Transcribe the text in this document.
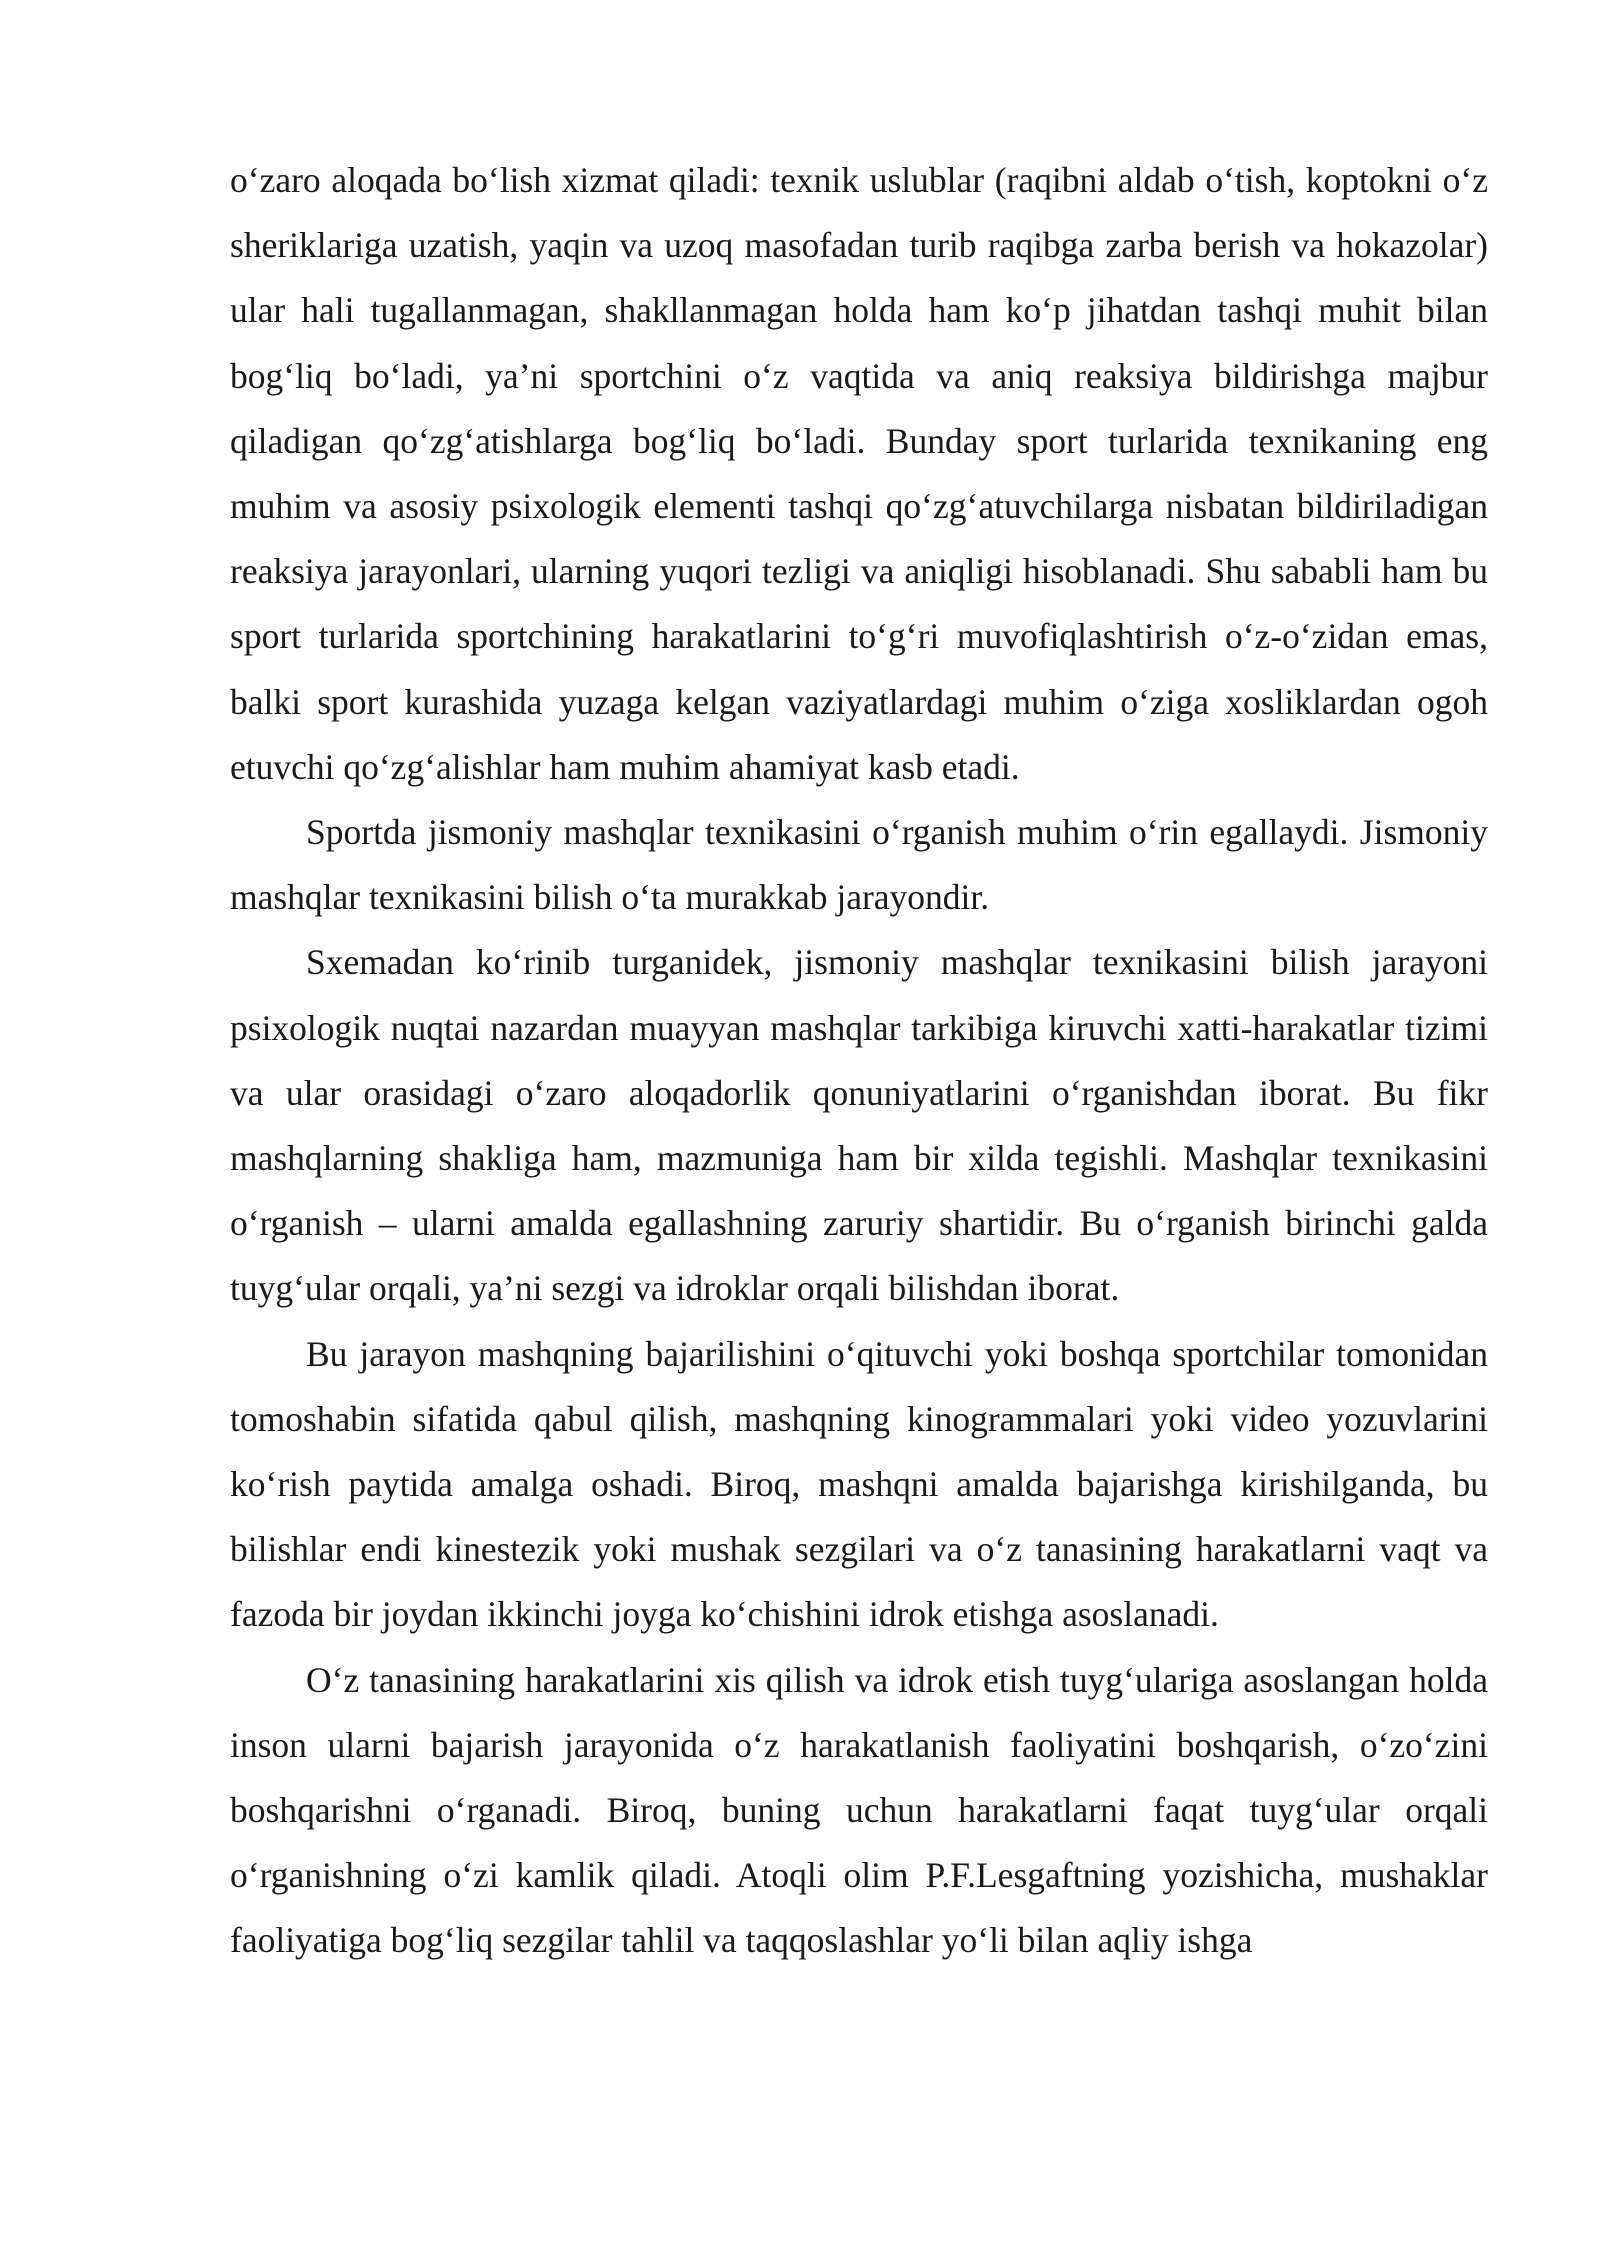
o‘zaro aloqada bo‘lish xizmat qiladi: texnik uslublar (raqibni aldab o‘tish, koptokni o‘z sheriklariga uzatish, yaqin va uzoq masofadan turib raqibga zarba berish va hokazolar) ular hali tugallanmagan, shakllanmagan holda ham ko‘p jihatdan tashqi muhit bilan bog‘liq bo‘ladi, ya’ni sportchini o‘z vaqtida va aniq reaksiya bildirishga majbur qiladigan qo‘zg‘atishlarga bog‘liq bo‘ladi. Bunday sport turlarida texnikaning eng muhim va asosiy psixologik elementi tashqi qo‘zg‘atuvchilarga nisbatan bildiriladigan reaksiya jarayonlari, ularning yuqori tezligi va aniqligi hisoblanadi. Shu sababli ham bu sport turlarida sportchining harakatlarini to‘g‘ri muvofiqlashtirish o‘z-o‘zidan emas, balki sport kurashida yuzaga kelgan vaziyatlardagi muhim o‘ziga xosliklardan ogoh etuvchi qo‘zg‘alishlar ham muhim ahamiyat kasb etadi.

Sportda jismoniy mashqlar texnikasini o‘rganish muhim o‘rin egallaydi. Jismoniy mashqlar texnikasini bilish o‘ta murakkab jarayondir.

Sxemadan ko‘rinib turganidek, jismoniy mashqlar texnikasini bilish jarayoni psixologik nuqtai nazardan muayyan mashqlar tarkibiga kiruvchi xatti-harakatlar tizimi va ular orasidagi o‘zaro aloqadorlik qonuniyatlarini o‘rganishdan iborat. Bu fikr mashqlarning shakliga ham, mazmuniga ham bir xilda tegishli. Mashqlar texnikasini o‘rganish – ularni amalda egallashning zaruriy shartidir. Bu o‘rganish birinchi galda tuyg‘ular orqali, ya’ni sezgi va idroklar orqali bilishdan iborat.

Bu jarayon mashqning bajarilishini o‘qituvchi yoki boshqa sportchilar tomonidan tomoshabin sifatida qabul qilish, mashqning kinogrammalari yoki video yozuvlarini ko‘rish paytida amalga oshadi. Biroq, mashqni amalda bajarishga kirishilganda, bu bilishlar endi kinestezik yoki mushak sezgilari va o‘z tanasining harakatlarni vaqt va fazoda bir joydan ikkinchi joyga ko‘chishini idrok etishga asoslanadi.

O‘z tanasining harakatlarini xis qilish va idrok etish tuyg‘ulariga asoslangan holda inson ularni bajarish jarayonida o‘z harakatlanish faoliyatini boshqarish, o‘zo‘zini boshqarishni o‘rganadi. Biroq, buning uchun harakatlarni faqat tuyg‘ular orqali o‘rganishning o‘zi kamlik qiladi. Atoqli olim P.F.Lesgaftning yozishicha, mushaklar faoliyatiga bog‘liq sezgilar tahlil va taqqoslashlar yo‘li bilan aqliy ishga
